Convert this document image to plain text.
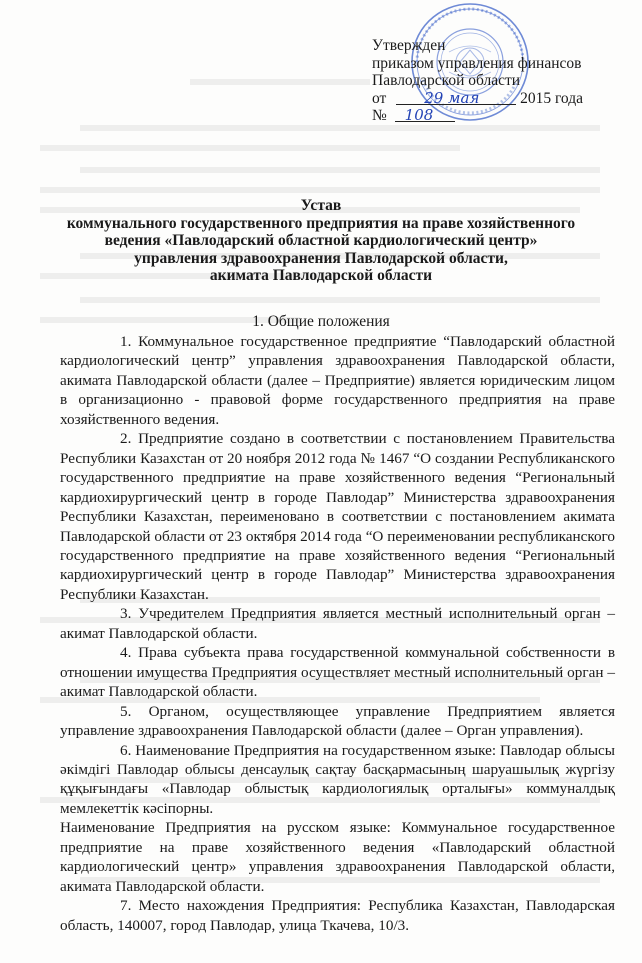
Утвержден
приказом управления финансов
Павлодарской области
от	29 мая	2015 года
№ 108
Устав
коммунального государственного предприятия на праве хозяйственного
ведения «Павлодарский областной кардиологический центр»
управления здравоохранения Павлодарской области,
акимата Павлодарской области
1. Общие положения

1. Коммунальное государственное предприятие “Павлодарский областной кардиологический центр” управления здравоохранения Павлодарской области, акимата Павлодарской области (далее – Предприятие) является юридическим лицом в организационно - правовой форме государственного предприятия на праве хозяйственного ведения.

2. Предприятие создано в соответствии с постановлением Правительства Республики Казахстан от 20 ноября 2012 года № 1467 “О создании Республиканского государственного предприятие на праве хозяйственного ведения “Региональный кардиохирургический центр в городе Павлодар” Министерства здравоохранения Республики Казахстан, переименовано в соответствии с постановлением акимата Павлодарской области от 23 октября 2014 года “О переименовании республиканского государственного предприятие на праве хозяйственного ведения “Региональный кардиохирургический центр в городе Павлодар” Министерства здравоохранения Республики Казахстан.

3. Учредителем Предприятия является местный исполнительный орган – акимат Павлодарской области.

4. Права субъекта права государственной коммунальной собственности в отношении имущества Предприятия осуществляет местный исполнительный орган – акимат Павлодарской области.

5. Органом, осуществляющее управление Предприятием является управление здравоохранения Павлодарской области (далее – Орган управления).

6. Наименование Предприятия на государственном языке: Павлодар облысы әкімдігі Павлодар облысы денсаулық сақтау басқармасының шаруашылық жүргізу құқығындағы «Павлодар облыстық кардиологиялық орталығы» коммуналдық мемлекеттік кәсіпорны.

Наименование Предприятия на русском языке: Коммунальное государственное предприятие на праве хозяйственного ведения «Павлодарский областной кардиологический центр» управления здравоохранения Павлодарской области, акимата Павлодарской области.

7. Место нахождения Предприятия: Республика Казахстан, Павлодарская область, 140007, город Павлодар, улица Ткачева, 10/3.
